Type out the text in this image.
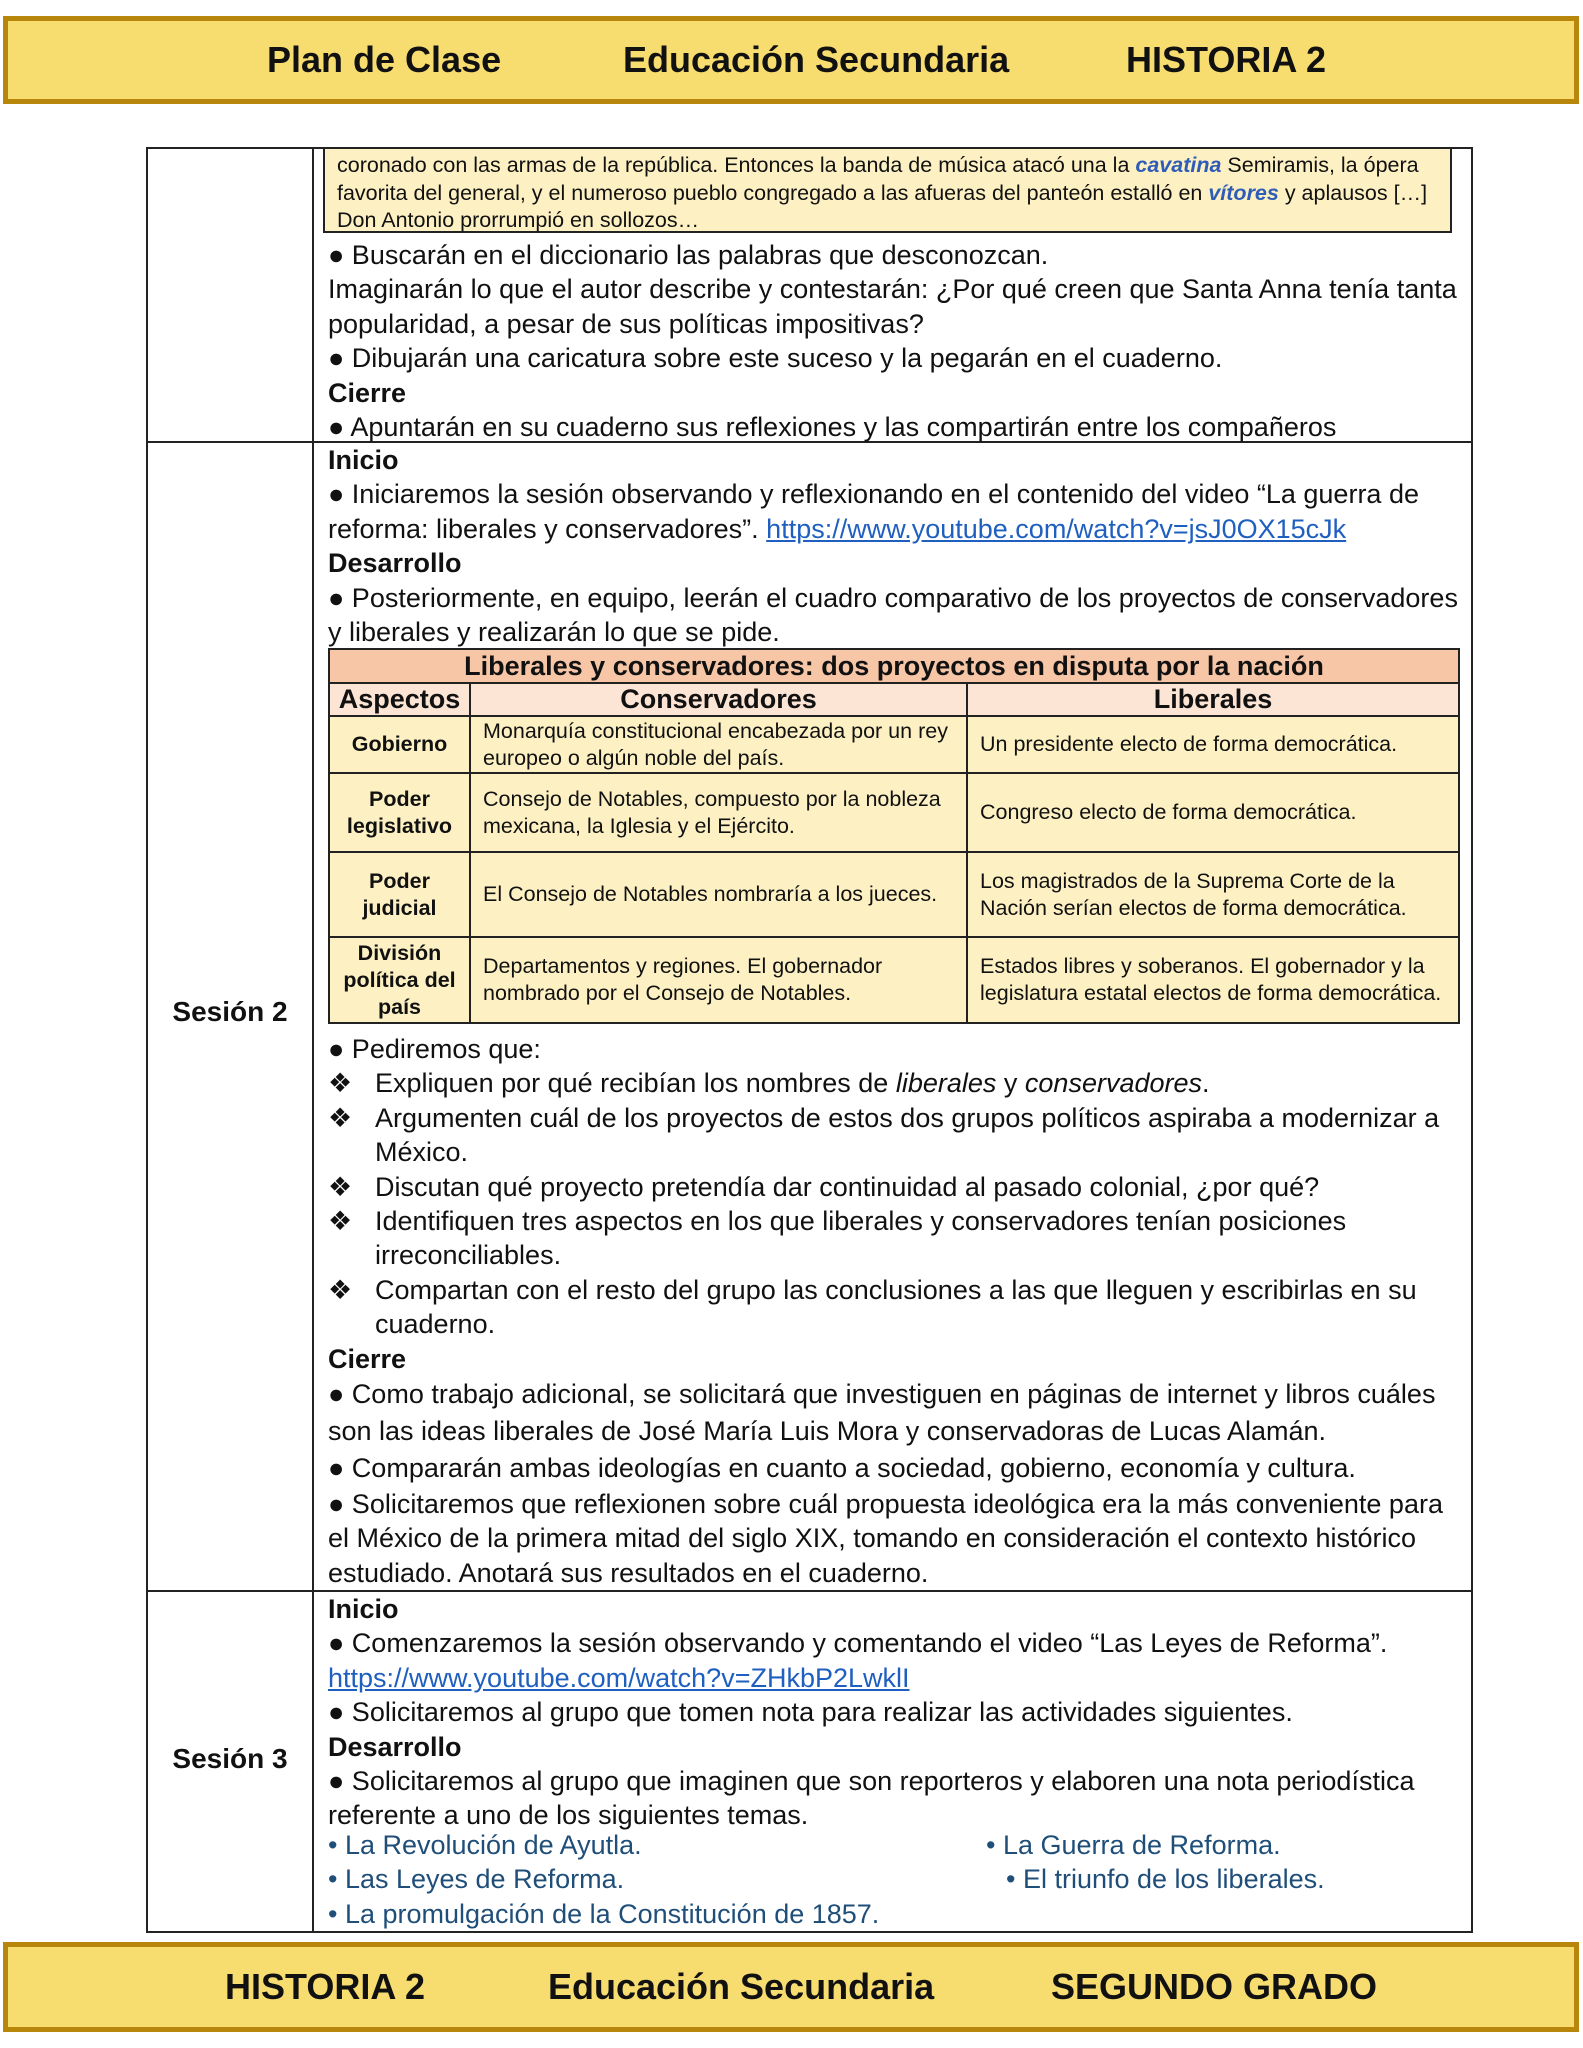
Plan de Clase	Educación Secundaria	HISTORIA 2
coronado con las armas de la república. Entonces la banda de música atacó una la cavatina Semiramis, la ópera favorita del general, y el numeroso pueblo congregado a las afueras del panteón estalló en vítores y aplausos […] Don Antonio prorrumpió en sollozos…

● Buscarán en el diccionario las palabras que desconozcan.

Imaginarán lo que el autor describe y contestarán: ¿Por qué creen que Santa Anna tenía tanta popularidad, a pesar de sus políticas impositivas?

● Dibujarán una caricatura sobre este suceso y la pegarán en el cuaderno.

Cierre

● Apuntarán en su cuaderno sus reflexiones y las compartirán entre los compañeros

Sesión 2

Inicio

● Iniciaremos la sesión observando y reflexionando en el contenido del video “La guerra de reforma: liberales y conservadores”. https://www.youtube.com/watch?v=jsJ0OX15cJk

Desarrollo

● Posteriormente, en equipo, leerán el cuadro comparativo de los proyectos de conservadores y liberales y realizarán lo que se pide.

Liberales y conservadores: dos proyectos en disputa por la nación		
Aspectos	Conservadores	Liberales
Gobierno	Monarquía constitucional encabezada por un rey europeo o algún noble del país.	Un presidente electo de forma democrática.
Poder legislativo	Consejo de Notables, compuesto por la nobleza mexicana, la Iglesia y el Ejército.	Congreso electo de forma democrática.
Poder judicial	El Consejo de Notables nombraría a los jueces.	Los magistrados de la Suprema Corte de la Nación serían electos de forma democrática.
División política del país	Departamentos y regiones. El gobernador nombrado por el Consejo de Notables.	Estados libres y soberanos. El gobernador y la legislatura estatal electos de forma democrática.

● Pediremos que:

❖ Expliquen por qué recibían los nombres de liberales y conservadores.

❖ Argumenten cuál de los proyectos de estos dos grupos políticos aspiraba a modernizar a México.

❖ Discutan qué proyecto pretendía dar continuidad al pasado colonial, ¿por qué?

❖ Identifiquen tres aspectos en los que liberales y conservadores tenían posiciones irreconciliables.

❖ Compartan con el resto del grupo las conclusiones a las que lleguen y escribirlas en su cuaderno.

Cierre

● Como trabajo adicional, se solicitará que investiguen en páginas de internet y libros cuáles son las ideas liberales de José María Luis Mora y conservadoras de Lucas Alamán.

● Compararán ambas ideologías en cuanto a sociedad, gobierno, economía y cultura.

● Solicitaremos que reflexionen sobre cuál propuesta ideológica era la más conveniente para el México de la primera mitad del siglo XIX, tomando en consideración el contexto histórico estudiado. Anotará sus resultados en el cuaderno.

Sesión 3

Inicio

● Comenzaremos la sesión observando y comentando el video “Las Leyes de Reforma”.

https://www.youtube.com/watch?v=ZHkbP2LwklI

● Solicitaremos al grupo que tomen nota para realizar las actividades siguientes.

Desarrollo

● Solicitaremos al grupo que imaginen que son reporteros y elaboren una nota periodística referente a uno de los siguientes temas.

• La Revolución de Ayutla.	• La Guerra de Reforma.
• Las Leyes de Reforma.	• El triunfo de los liberales.
• La promulgación de la Constitución de 1857.
HISTORIA 2	Educación Secundaria	SEGUNDO GRADO
